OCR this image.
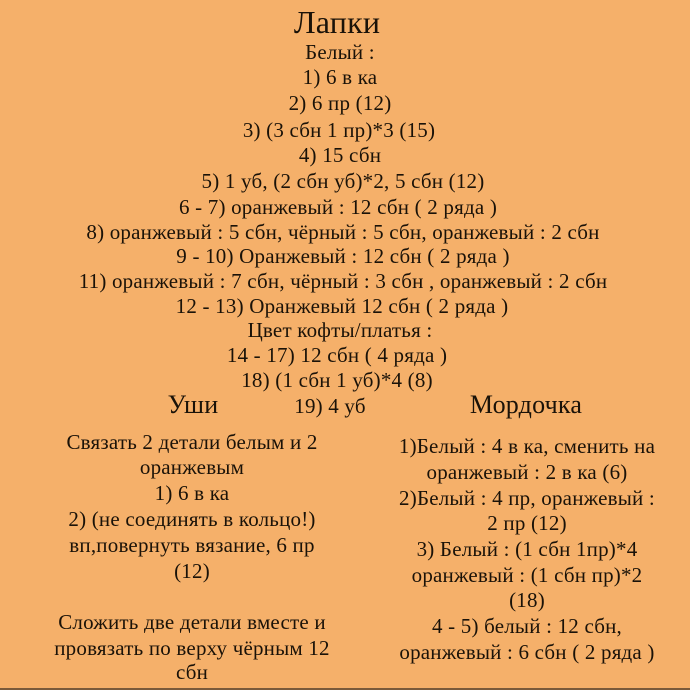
Лапки
Уши	Мордочка
Белый :
1) 6 в ка
2) 6 пр (12)
3) (3 сбн 1 пр)*3 (15)
4) 15 сбн
5) 1 уб, (2 сбн уб)*2, 5 сбн (12)
6 - 7) оранжевый : 12 сбн ( 2 ряда )
8) оранжевый : 5 сбн, чёрный : 5 сбн, оранжевый : 2 сбн
9 - 10) Оранжевый : 12 сбн ( 2 ряда )
11) оранжевый : 7 сбн, чёрный : 3 сбн , оранжевый : 2 сбн
12 - 13) Оранжевый 12 сбн ( 2 ряда )
Цвет кофты/платья :
14 - 17) 12 сбн ( 4 ряда )
18) (1 сбн 1 уб)*4 (8)
19) 4 уб
Связать 2 детали белым и 2
оранжевым
1) 6 в ка
2) (не соединять в кольцо!)
вп,повернуть вязание, 6 пр
(12)
Сложить две детали вместе и
провязать по верху чёрным 12
сбн
1)Белый : 4 в ка, сменить на
оранжевый : 2 в ка (6)
2)Белый : 4 пр, оранжевый :
2 пр (12)
3) Белый : (1 сбн 1пр)*4
оранжевый : (1 сбн пр)*2
(18)
4 - 5) белый : 12 сбн,
оранжевый : 6 сбн ( 2 ряда )
